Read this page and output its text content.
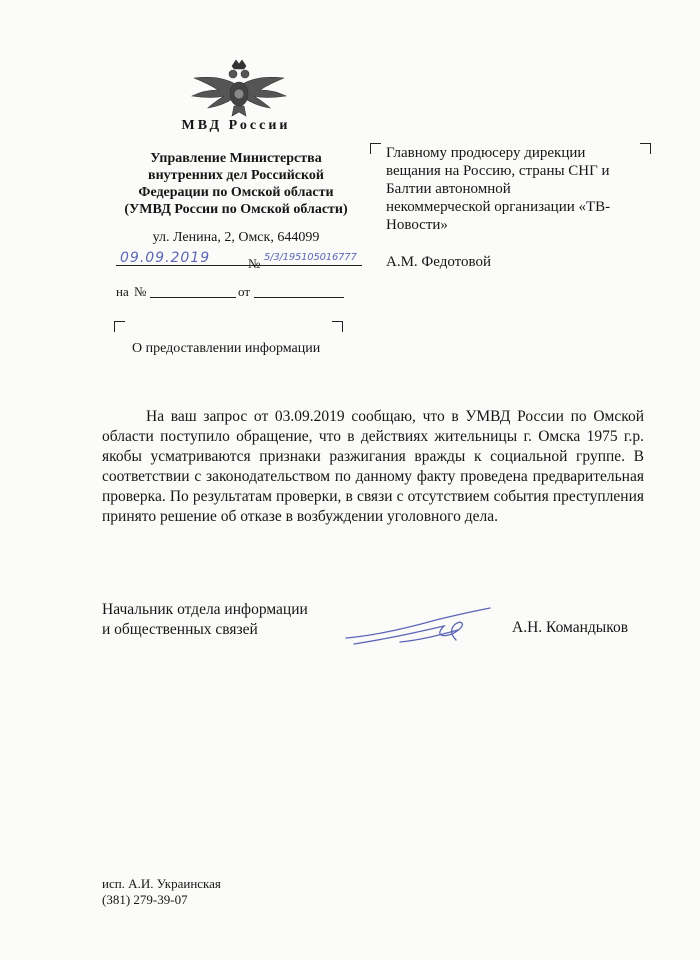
МВД России
Управление Министерства
внутренних дел Российской
Федерации по Омской области
(УМВД России по Омской области)
ул. Ленина, 2, Омск, 644099
09.09.2019	№ 5/3/195105016777
на №	от
Главному продюсеру дирекции
вещания на Россию, страны СНГ и
Балтии автономной
некоммерческой организации «ТВ-
Новости»
А.М. Федотовой
О предоставлении информации
На ваш запрос от 03.09.2019 сообщаю, что в УМВД России по Омской области поступило обращение, что в действиях жительницы г. Омска 1975 г.р. якобы усматриваются признаки разжигания вражды к социальной группе. В соответствии с законодательством по данному факту проведена предварительная проверка. По результатам проверки, в связи с отсутствием события преступления принято решение об отказе в возбуждении уголовного дела.
Начальник отдела информации
и общественных связей	А.Н. Командыков
исп. А.И. Украинская
(381) 279-39-07
